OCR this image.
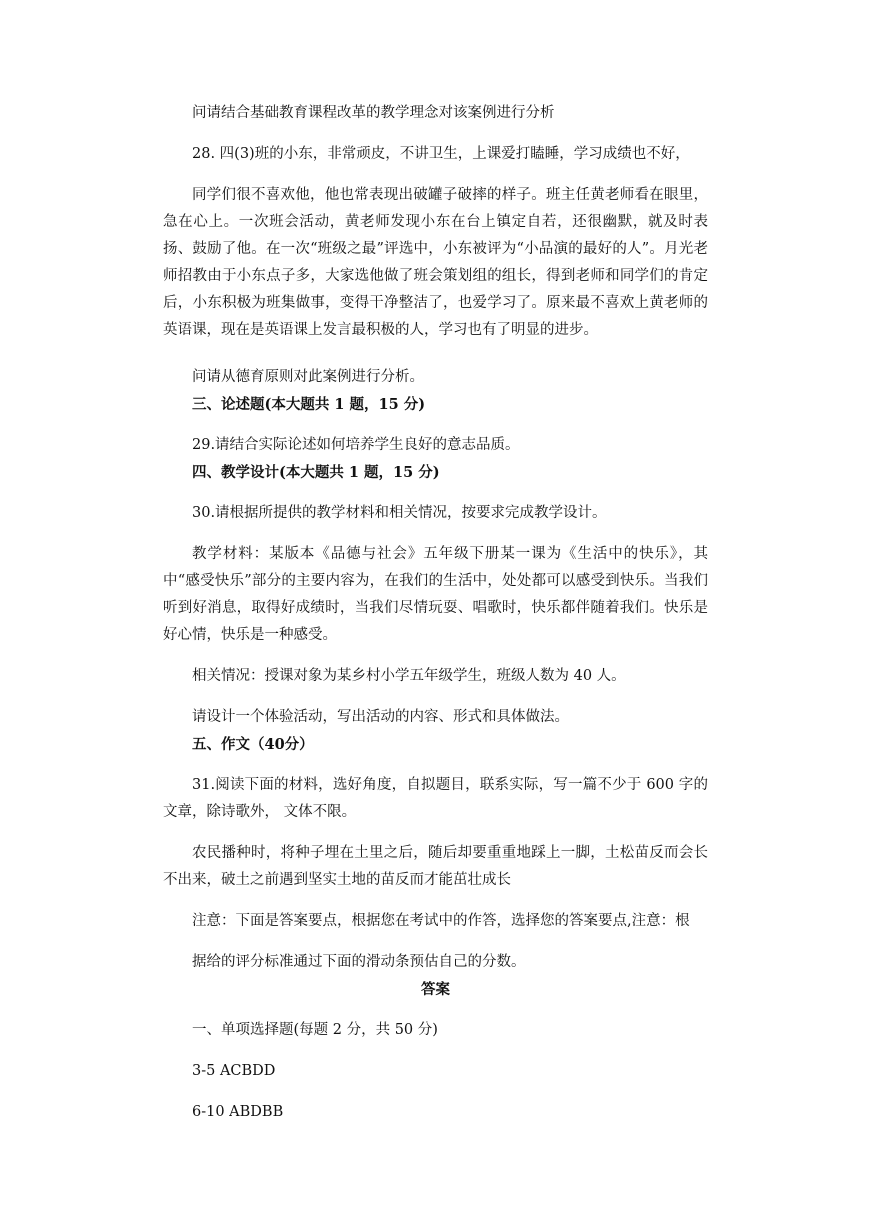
问请结合基础教育课程改革的教学理念对该案例进行分析

28. 四(3)班的小东，非常顽皮，不讲卫生，上课爱打瞌睡，学习成绩也不好，

同学们很不喜欢他，他也常表现出破罐子破摔的样子。班主任黄老师看在眼里，急在心上。一次班会活动，黄老师发现小东在台上镇定自若，还很幽默，就及时表扬、鼓励了他。在一次“班级之最”评选中，小东被评为“小品演的最好的人”。月光老师招教由于小东点子多，大家选他做了班会策划组的组长，得到老师和同学们的肯定后，小东积极为班集做事，变得干净整洁了，也爱学习了。原来最不喜欢上黄老师的英语课，现在是英语课上发言最积极的人，学习也有了明显的进步。

问请从德育原则对此案例进行分析。

三、论述题(本大题共 1 题，15 分)

29.请结合实际论述如何培养学生良好的意志品质。

四、教学设计(本大题共 1 题，15 分)

30.请根据所提供的教学材料和相关情况，按要求完成教学设计。

教学材料：某版本《品德与社会》五年级下册某一课为《生活中的快乐》，其中“感受快乐”部分的主要内容为，在我们的生活中，处处都可以感受到快乐。当我们听到好消息，取得好成绩时，当我们尽情玩耍、唱歌时，快乐都伴随着我们。快乐是好心情，快乐是一种感受。

相关情况：授课对象为某乡村小学五年级学生，班级人数为 40 人。

请设计一个体验活动，写出活动的内容、形式和具体做法。

五、作文（40分）

31.阅读下面的材料，选好角度，自拟题目，联系实际，写一篇不少于 600 字的文章，除诗歌外， 文体不限。

农民播种时，将种子埋在土里之后，随后却要重重地踩上一脚，土松苗反而会长不出来，破土之前遇到坚实土地的苗反而才能茁壮成长

注意：下面是答案要点，根据您在考试中的作答，选择您的答案要点,注意：根

据给的评分标准通过下面的滑动条预估自己的分数。

答案

一、单项选择题(每题 2 分，共 50 分)

3-5 ACBDD

6-10 ABDBB
